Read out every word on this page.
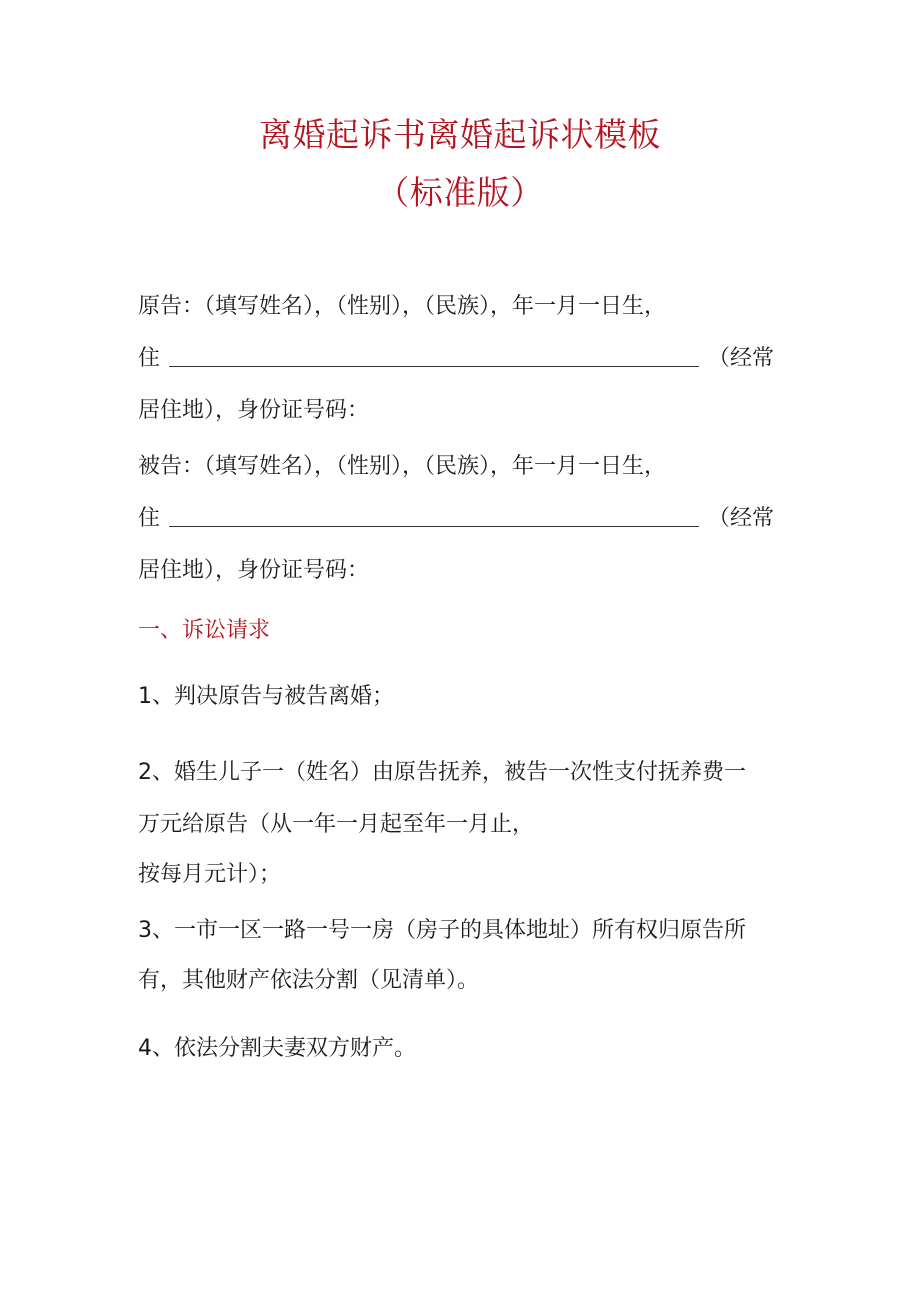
离婚起诉书离婚起诉状模板
（标准版）
原告：（填写姓名），（性别），（民族），年一月一日生，
住	（经常
居住地），身份证号码：
被告：（填写姓名），（性别），（民族），年一月一日生，
住	（经常
居住地），身份证号码：
一、诉讼请求
1、判决原告与被告离婚；
2、婚生儿子一（姓名）由原告抚养，被告一次性支付抚养费一
万元给原告（从一年一月起至年一月止，
按每月元计）；
3、一市一区一路一号一房（房子的具体地址）所有权归原告所
有，其他财产依法分割（见清单）。
4、依法分割夫妻双方财产。
